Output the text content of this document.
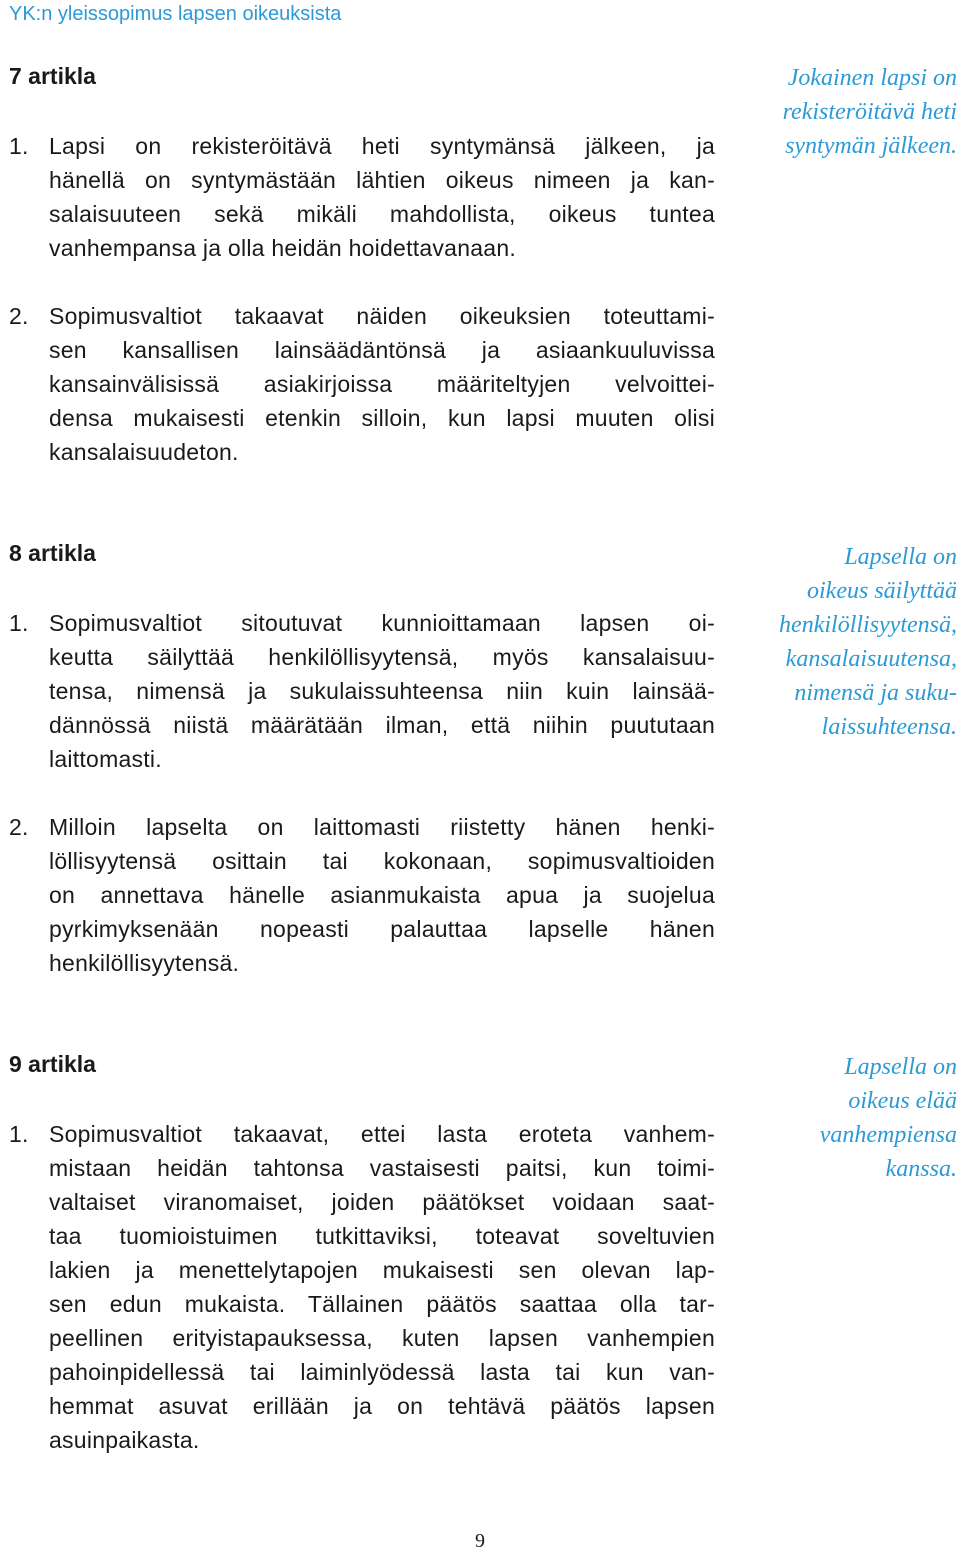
YK:n yleissopimus lapsen oikeuksista
7 artikla
1. Lapsi on rekisteröitävä heti syntymänsä jälkeen, ja
hänellä on syntymästään lähtien oikeus nimeen ja kan-
salaisuuteen sekä mikäli mahdollista, oikeus tuntea
vanhempansa ja olla heidän hoidettavanaan.
2. Sopimusvaltiot takaavat näiden oikeuksien toteuttami-
sen kansallisen lainsäädäntönsä ja asiaankuuluvissa
kansainvälisissä asiakirjoissa määriteltyjen velvoittei-
densa mukaisesti etenkin silloin, kun lapsi muuten olisi
kansalaisuudeton.
Jokainen lapsi on
rekisteröitävä heti
syntymän jälkeen.
8 artikla
1. Sopimusvaltiot sitoutuvat kunnioittamaan lapsen oi-
keutta säilyttää henkilöllisyytensä, myös kansalaisuu-
tensa, nimensä ja sukulaissuhteensa niin kuin lainsää-
dännössä niistä määrätään ilman, että niihin puututaan
laittomasti.
2. Milloin lapselta on laittomasti riistetty hänen henki-
löllisyytensä osittain tai kokonaan, sopimusvaltioiden
on annettava hänelle asianmukaista apua ja suojelua
pyrkimyksenään nopeasti palauttaa lapselle hänen
henkilöllisyytensä.
Lapsella on
oikeus säilyttää
henkilöllisyytensä,
kansalaisuutensa,
nimensä ja suku-
laissuhteensa.
9 artikla
1. Sopimusvaltiot takaavat, ettei lasta eroteta vanhem-
mistaan heidän tahtonsa vastaisesti paitsi, kun toimi-
valtaiset viranomaiset, joiden päätökset voidaan saat-
taa tuomioistuimen tutkittaviksi, toteavat soveltuvien
lakien ja menettelytapojen mukaisesti sen olevan lap-
sen edun mukaista. Tällainen päätös saattaa olla tar-
peellinen erityistapauksessa, kuten lapsen vanhempien
pahoinpidellessä tai laiminlyödessä lasta tai kun van-
hemmat asuvat erillään ja on tehtävä päätös lapsen
asuinpaikasta.
Lapsella on
oikeus elää
vanhempiensa
kanssa.
9
